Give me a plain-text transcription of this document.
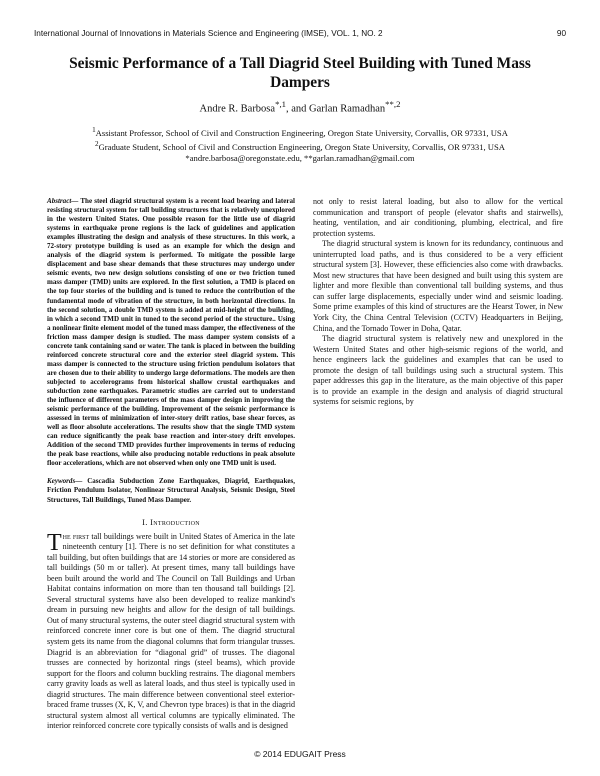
International Journal of Innovations in Materials Science and Engineering (IMSE), VOL. 1, NO. 2	90
Seismic Performance of a Tall Diagrid Steel Building with Tuned Mass Dampers
Andre R. Barbosa$^{*,1}$, and Garlan Ramadhan$^{**,2}$
$^1$Assistant Professor, School of Civil and Construction Engineering, Oregon State University, Corvallis, OR 97331, USA
$^2$Graduate Student, School of Civil and Construction Engineering, Oregon State University, Corvallis, OR 97331, USA
*andre.barbosa@oregonstate.edu, **garlan.ramadhan@gmail.com

Abstract— The steel diagrid structural system is a recent load bearing and lateral resisting structural system for tall building structures that is relatively unexplored in the western United States. One possible reason for the little use of diagrid systems in earthquake prone regions is the lack of guidelines and application examples illustrating the design and analysis of these structures. In this work, a 72-story prototype building is used as an example for which the design and analysis of the diagrid system is performed. To mitigate the possible large displacement and base shear demands that these structures may undergo under seismic events, two new design solutions consisting of one or two friction tuned mass damper (TMD) units are explored. In the first solution, a TMD is placed on the top four stories of the building and is tuned to reduce the contribution of the fundamental mode of vibration of the structure, in both horizontal directions. In the second solution, a double TMD system is added at mid-height of the building, in which a second TMD unit in tuned to the second period of the structure.. Using a nonlinear finite element model of the tuned mass damper, the effectiveness of the friction mass damper design is studied. The mass damper system consists of a concrete tank containing sand or water. The tank is placed in between the building reinforced concrete structural core and the exterior steel diagrid system. This mass damper is connected to the structure using friction pendulum isolators that are chosen due to their ability to undergo large deformations. The models are then subjected to accelerograms from historical shallow crustal earthquakes and subduction zone earthquakes. Parametric studies are carried out to understand the influence of different parameters of the mass damper design in improving the seismic performance of the building. Improvement of the seismic performance is assessed in terms of minimization of inter-story drift ratios, base shear forces, as well as floor absolute accelerations. The results show that the single TMD system can reduce significantly the peak base reaction and inter-story drift envelopes. Addition of the second TMD provides further improvements in terms of reducing the peak base reactions, while also producing notable reductions in peak absolute floor accelerations, which are not observed when only one TMD unit is used.

Keywords— Cascadia Subduction Zone Earthquakes, Diagrid, Earthquakes, Friction Pendulum Isolator, Nonlinear Structural Analysis, Seismic Design, Steel Structures, Tall Buildings, Tuned Mass Damper.

I. Introduction

The first tall buildings were built in United States of America in the late nineteenth century [1]. There is no set definition for what constitutes a tall building, but often buildings that are 14 stories or more are considered as tall buildings (50 m or taller). At present times, many tall buildings have been built around the world and The Council on Tall Buildings and Urban Habitat contains information on more than ten thousand tall buildings [2]. Several structural systems have also been developed to realize mankind's dream in pursuing new heights and allow for the design of tall buildings. Out of many structural systems, the outer steel diagrid structural system with reinforced concrete inner core is but one of them. The diagrid structural system gets its name from the diagonal columns that form triangular trusses. Diagrid is an abbreviation for “diagonal grid” of trusses. The diagonal trusses are connected by horizontal rings (steel beams), which provide support for the floors and column buckling restrains. The diagonal members carry gravity loads as well as lateral loads, and thus steel is typically used in diagrid structures. The main difference between conventional steel exterior-braced frame trusses (X, K, V, and Chevron type braces) is that in the diagrid structural system almost all vertical columns are typically eliminated. The interior reinforced concrete core typically consists of walls and is designed

not only to resist lateral loading, but also to allow for the vertical communication and transport of people (elevator shafts and stairwells), heating, ventilation, and air conditioning, plumbing, electrical, and fire protection systems.

The diagrid structural system is known for its redundancy, continuous and uninterrupted load paths, and is thus considered to be a very efficient structural system [3]. However, these efficiencies also come with drawbacks. Most new structures that have been designed and built using this system are lighter and more flexible than conventional tall building systems, and thus can suffer large displacements, especially under wind and seismic loading. Some prime examples of this kind of structures are the Hearst Tower, in New York City, the China Central Television (CCTV) Headquarters in Beijing, China, and the Tornado Tower in Doha, Qatar.

The diagrid structural system is relatively new and unexplored in the Western United States and other high-seismic regions of the world, and hence engineers lack the guidelines and examples that can be used to promote the design of tall buildings using such a structural system. This paper addresses this gap in the literature, as the main objective of this paper is to provide an example in the design and analysis of diagrid structural systems for seismic regions, by

© 2014 EDUGAIT Press
